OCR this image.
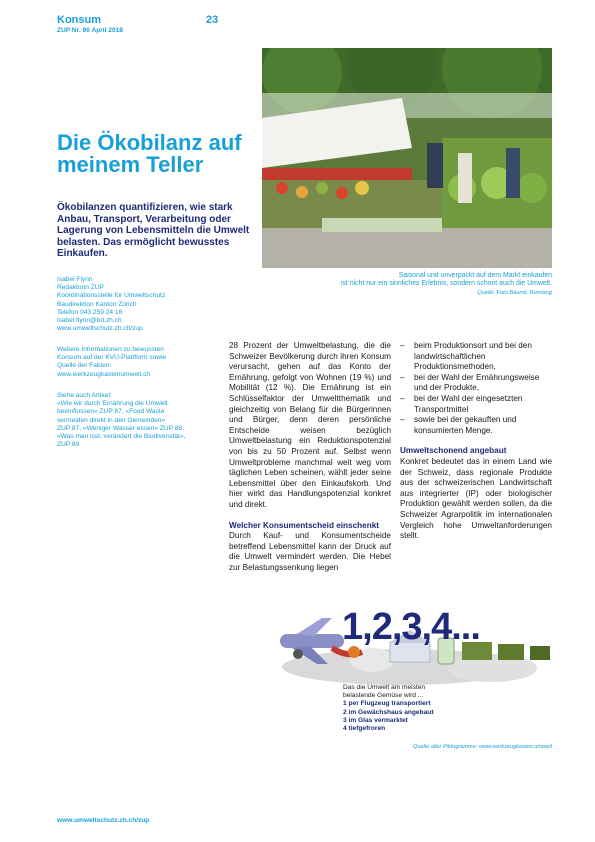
Konsum
ZUP Nr. 90 April 2018
23
Saisonal und unverpackt auf dem Markt einkaufen
ist nicht nur ein sinnliches Erlebnis, sondern schont auch die Umwelt.
Quelle: Foto Bäumli, Rümlang
Die Ökobilanz auf meinem Teller

Ökobilanzen quantifizieren, wie stark Anbau, Transport, Verarbeitung oder Lagerung von Lebensmitteln die Umwelt belasten. Das ermöglicht bewusstes Einkaufen.

Isabel Flynn
Redaktorin ZUP
Koordinationsstelle für Umweltschutz
Baudirektion Kanton Zürich
Telefon 043 259 24 16
isabel.flynn@bd.zh.ch
www.umweltschutz.zh.ch/zup
Weitere Informationen zu bewussten
Konsum auf der KVU-Plattform sowie
Quelle der Fakten:
www.werkzeugkastenumwelt.ch
Siehe auch Artikel:
«Wie wir durch Ernährung die Umwelt
beeinflussen» ZUP 87, «Food Waste
vermeiden direkt in den Gemeinden»
ZUP 87, «Weniger Wasser essen» ZUP 88,
«Was man isst, verändert die Biodiversität»,
ZUP 89

28 Prozent der Umweltbelastung, die die Schweizer Bevölkerung durch ihren Konsum verursacht, gehen auf das Konto der Ernährung, gefolgt von Wohnen (19 %) und Mobilität (12 %). Die Ernährung ist ein Schlüsselfaktor der Umweltthematik und gleichzeitig von Belang für die Bürgerinnen und Bürger, denn deren persönliche Entscheide weisen bezüglich Umweltbelastung ein Reduktionspotenzial von bis zu 50 Prozent auf. Selbst wenn Umweltprobleme manchmal weit weg vom täglichen Leben scheinen, wählt jeder seine Lebensmittel über den Einkaufskorb. Und hier wirkt das Handlungspotenzial konkret und direkt.

Welcher Konsumentscheid einschenkt

Durch Kauf- und Konsumentscheide betreffend Lebensmittel kann der Druck auf die Umwelt vermindert werden. Die Hebel zur Belastungssenkung liegen

–	beim Produktionsort und bei den landwirtschaftlichen Produktionsmethoden,
–	bei der Wahl der Ernährungsweise und der Produkte,
–	bei der Wahl der eingesetzten Transportmittel
–	sowie bei der gekauften und konsumierten Menge.
Umweltschonend angebaut

Konkret bedeutet das in einem Land wie der Schweiz, dass regionale Produkte aus der schweizerischen Landwirtschaft aus integrierter (IP) oder biologischer Produktion gewählt werden sollen, da die Schweizer Agrarpolitik im internationalen Vergleich hohe Umweltanforderungen stellt.

1,2,3,4...
Das die Umwelt am meisten
belastende Gemüse wird ...
1 per Flugzeug transportiert
2 im Gewächshaus angebaut
3 im Glas vermarktet
4 tiefgefroren
Quelle aller Piktogramme: www.werkzeugkasten.umwelt
www.umweltschutz.zh.ch/zup
